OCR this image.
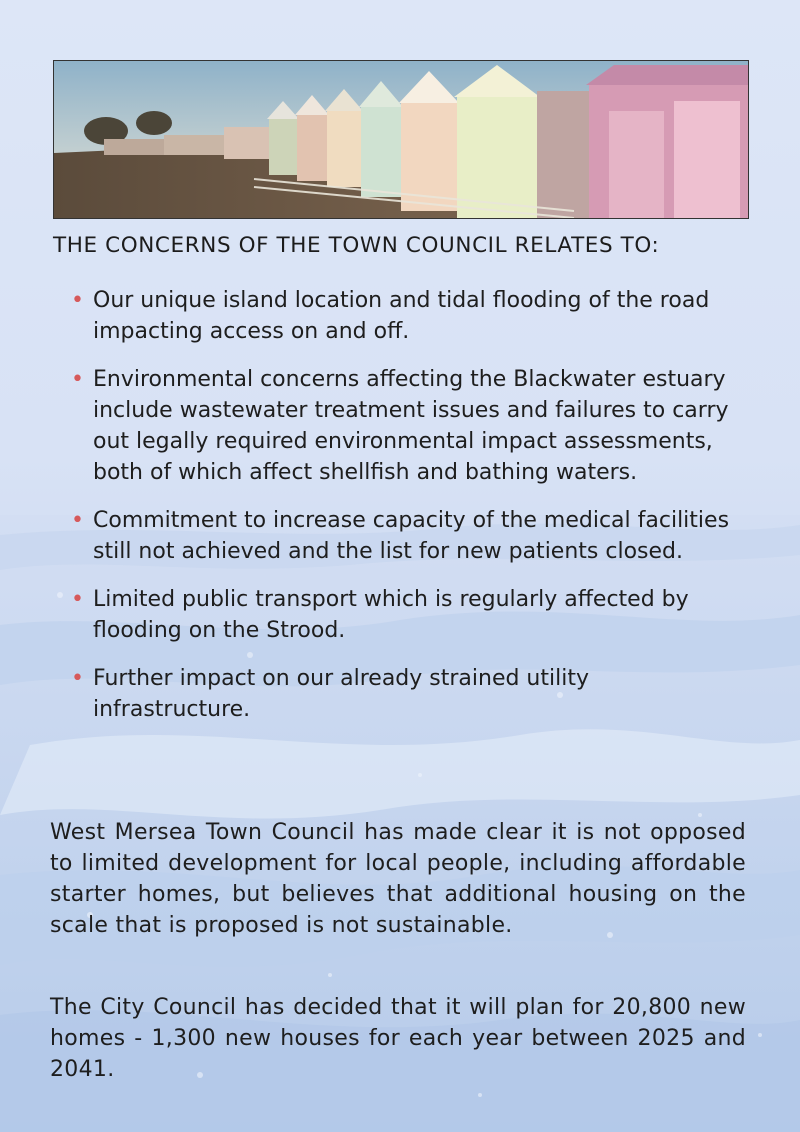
THE CONCERNS OF THE TOWN COUNCIL RELATES TO:
• Our unique island location and tidal flooding of the road impacting access on and off.
• Environmental concerns affecting the Blackwater estuary include wastewater treatment issues and failures to carry out legally required environmental impact assessments, both of which affect shellfish and bathing waters.
• Commitment to increase capacity of the medical facilities still not achieved and the list for new patients closed.
• Limited public transport which is regularly affected by flooding on the Strood.
• Further impact on our already strained utility infrastructure.

West Mersea Town Council has made clear it is not opposed to limited development for local people, including affordable starter homes, but believes that additional housing on the scale that is proposed is not sustainable.

The City Council has decided that it will plan for 20,800 new homes - 1,300 new houses for each year between 2025 and 2041.
